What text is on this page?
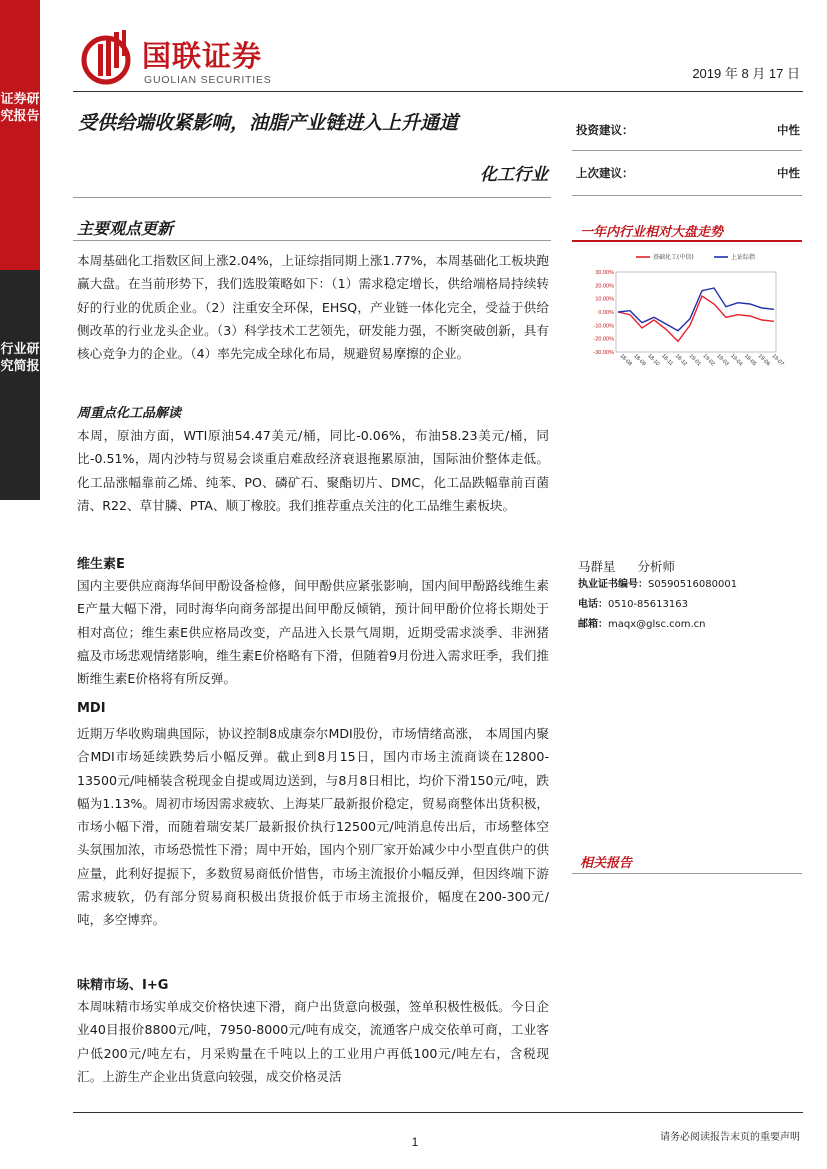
证券研究报告
行业研究简报
国联证券
GUOLIAN SECURITIES	2019 年 8 月 17 日
受供给端收紧影响，油脂产业链进入上升通道
化工行业
投资建议：	中性
上次建议：	中性
主要观点更新	一年内行业相对大盘走势
30.00%
20.00%
10.00%
0.00%
-10.00%
-20.00%
-30.00%
18-08 18-09 18-10 18-11 18-12 19-01 19-02 19-03 19-04 19-05 19-06 19-07
基础化工(中信)	上证综指
本周基础化工指数区间上涨2.04%，上证综指同期上涨1.77%，本周基础化工板块跑赢大盘。在当前形势下，我们选股策略如下：（1）需求稳定增长，供给端格局持续转好的行业的优质企业。（2）注重安全环保，EHSQ，产业链一体化完全，受益于供给侧改革的行业龙头企业。（3）科学技术工艺领先，研发能力强，不断突破创新，具有核心竞争力的企业。（4）率先完成全球化布局，规避贸易摩擦的企业。
周重点化工品解读
本周，原油方面，WTI原油54.47美元/桶，同比-0.06%，布油58.23美元/桶，同比-0.51%，周内沙特与贸易会谈重启难敌经济衰退拖累原油，国际油价整体走低。化工品涨幅靠前乙烯、纯苯、PO、磷矿石、聚酯切片、DMC，化工品跌幅靠前百菌清、R22、草甘膦、PTA、顺丁橡胶。我们推荐重点关注的化工品维生素板块。
维生素E
国内主要供应商海华间甲酚设备检修，间甲酚供应紧张影响，国内间甲酚路线维生素E产量大幅下滑，同时海华向商务部提出间甲酚反倾销，预计间甲酚价位将长期处于相对高位；维生素E供应格局改变，产品进入长景气周期，近期受需求淡季、非洲猪瘟及市场悲观情绪影响，维生素E价格略有下滑，但随着9月份进入需求旺季，我们推断维生素E价格将有所反弹。
MDI
近期万华收购瑞典国际，协议控制8成康奈尔MDI股份，市场情绪高涨， 本周国内聚合MDI市场延续跌势后小幅反弹。截止到8月15日，国内市场主流商谈在12800-13500元/吨桶装含税现金自提或周边送到，与8月8日相比，均价下滑150元/吨，跌幅为1.13%。周初市场因需求疲软、上海某厂最新报价稳定，贸易商整体出货积极，市场小幅下滑，而随着瑞安某厂最新报价执行12500元/吨消息传出后，市场整体空头氛围加浓，市场恐慌性下滑；周中开始，国内个别厂家开始减少中小型直供户的供应量，此利好提振下，多数贸易商低价惜售，市场主流报价小幅反弹，但因终端下游需求疲软，仍有部分贸易商积极出货报价低于市场主流报价，幅度在200-300元/吨，多空博弈。
味精市场、I+G
本周味精市场实单成交价格快速下滑，商户出货意向极强，签单积极性极低。今日企业40目报价8800元/吨，7950-8000元/吨有成交，流通客户成交依单可商，工业客户低200元/吨左右，月采购量在千吨以上的工业用户再低100元/吨左右，含税现汇。上游生产企业出货意向较强，成交价格灵活
马群星 分析师
执业证书编号：S0590516080001
电话：0510-85613163
邮箱：maqx@glsc.com.cn
相关报告
1	请务必阅读报告末页的重要声明
